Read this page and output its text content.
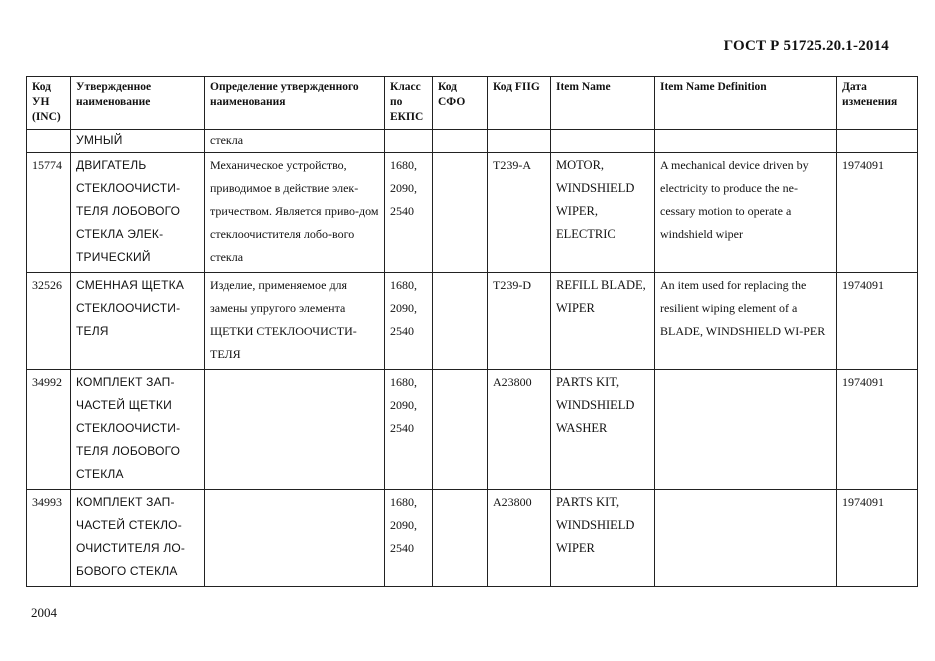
ГОСТ Р 51725.20.1-2014
Код УН (INC)	Утвержденное наименование	Определение утвержденного наименования	Класс по ЕКПС	Код СФО	Код FIIG	Item Name	Item Name Definition	Дата изменения
	УМНЫЙ	стекла						
15774	ДВИГАТЕЛЬ СТЕКЛООЧИСТИ-ТЕЛЯ ЛОБОВОГО СТЕКЛА ЭЛЕК-ТРИЧЕСКИЙ	Механическое устройство, приводимое в действие элек-тричеством. Является приво-дом стеклоочистителя лобо-вого стекла	1680, 2090, 2540		T239-A	MOTOR, WINDSHIELD WIPER, ELECTRIC	A mechanical device driven by electricity to produce the ne-cessary motion to operate a windshield wiper	1974091
32526	СМЕННАЯ ЩЕТКА СТЕКЛООЧИСТИ-ТЕЛЯ	Изделие, применяемое для замены упругого элемента ЩЕТКИ СТЕКЛООЧИСТИ-ТЕЛЯ	1680, 2090, 2540		T239-D	REFILL BLADE, WIPER	An item used for replacing the resilient wiping element of a BLADE, WINDSHIELD WI-PER	1974091
34992	КОМПЛЕКТ ЗАП-ЧАСТЕЙ ЩЕТКИ СТЕКЛООЧИСТИ-ТЕЛЯ ЛОБОВОГО СТЕКЛА		1680, 2090, 2540		A23800	PARTS KIT, WINDSHIELD WASHER		1974091
34993	КОМПЛЕКТ ЗАП-ЧАСТЕЙ СТЕКЛО-ОЧИСТИТЕЛЯ ЛО-БОВОГО СТЕКЛА		1680, 2090, 2540		A23800	PARTS KIT, WINDSHIELD WIPER		1974091
2004
